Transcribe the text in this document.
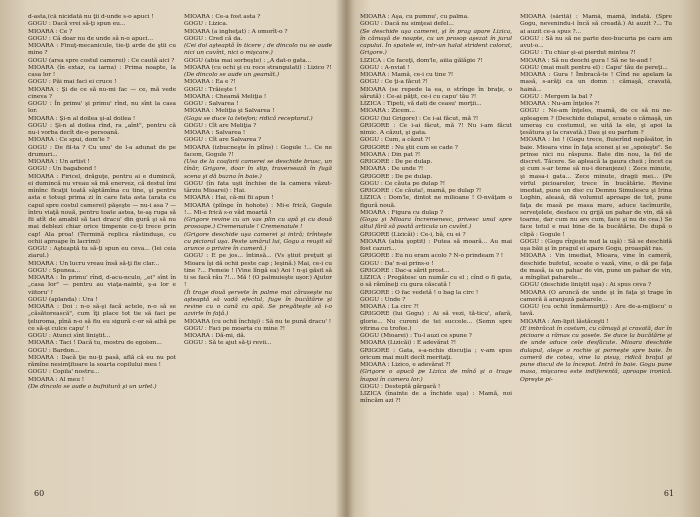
d-asta,(că nicidată nu ţii d-unde s-o apuci !

GOGU : Dacă vrei să-ţi spun eu...

MIOARA : Ce ?

GOGU : Că doar nu de unde să n-o apuci...

MIOARA : Finuţ-mecanicule, tie-ţi arde de ştii cu mine ?

GOGU (arsa spre costul camerei) : Ce caută aici ?

MIOARA (în extaz, ca iarna) : Prima noapte, la casa lor !

GOGU : Păi mai faci ei cruce !

MIOARA : Şi de ce să nu-mi fac — ce, mă vede cineva ?

GOGU : În primu' şi primu' rînd, nu sînt la casa lor.

MIOARA : Şi-n al doilea şi-al doilea !

GOGU : Şi-n al doilea rînd, ra „aînt", pentru că nu-i vorba decît de-o persoană.

MIOARA : Ce spui, dom'le ?

GOGU : De fil-ta ? Cu unu' de l-a adunat de pe drumuri...

MIOARA : Un artist !

GOGU : Un bagabond !

MIOARA : Firicel, drăguţe, pentru ai e dumincă, ei dumincă nu vreau să mă enervez, că destul îmi mînînc ficaţii toată săptămîna cu tine, şi pentru asta e totuşi prima zi în care fata asta (arata cu capul spre costul camerei) păşeşte — nu-i asa ? — întru viaţă nouă, pentru toate astea, te-aş ruga să fii atît de amabil să taci dracu' din gură şi să nu mai deblezi chiar orice timpenie ce-ţi trece prin cap! Ala proa! (Termină replica răstinduşe, cu ochii aproape în lacrimi)

GOGU : Aşteaptă tu să-ţi spun eu ceva... (Iei ceia ziarul.)

MIOARA : Un lucru vreau însă să-ţi fie clar...

GOGU : Spunea...

MIOARA : În primu' rînd, d-acu-nculo, „ei" sînt în „casa lor" — pentru au viaţa-naintè, ş-a lor e viitoru' !

GOGU (aplanda) : Ura !

MIOARA : Doi : n-o să-şi facă actele, n-o să se „căsătorească", cum îţi place tot tie să faci pe ţeluroma, pînă n-o să fiu eu sigură c-or să aibă pe ce să-şi culce capu' !

GOGU : Atunci sînt liniştit...

MIOARA : Taci ! Dacă tu, mostru de egoism...

GOGU : Bardon...

MIOARA : Dacă ţie nu-ţi pasă, află că eu nu pot rămîne nesimţitoare la soarta copilului meu !

GOGU : Copila' nostru...

MIOARA : Al meu !

(De dincolo se aude o bufnitură şi un urlet.)

MIOARA : Ce-a fost asta ?

GOGU : Lizica.

MIOARA (a ingheţat) : A omorît-o ?

GOGU : Cred că da.

(Cei doi aşteaptă în ticere ; de dincolo nu se aude nici un cuvînt, nici o mişcare.)

GOGU (abia mai sorbeşte) : „A dat-o gata...

MIOARA (cu ochi şi cu roce strangulati) : Lizico ?!

(De dincolo se aude un geamăt.)

MIOARA : Ea e ?!

GOGU : Trăieşte !

MIOARA : Cheamă Meliţia !

GOGU : Salvarea !

MIOARA : Meliţia şi Salvarea !

(Gogu se duce la telefon; ridică receptorul.)

GOGU : Cît are Meliţia ?

MIOARA : Salvarea !

GOGU : Cît are Salvarea ?

MIOARA (izbucneşte în plîns) : Gogule !... Ce ne facem, Gogule ?!

(Usa de la coafarii camerei se deschide brusc, un tînăr, Grigore, doar în slip, traversează în fugă scena şi dă buzna în baie.)

GOGU (în fata uşii închise de la camera văzut-târziu Mioarei) : Hai.

MIOARA : Hai, că-mi fii apun !

MIOARA (plînge în hohote) : Mi-e frică, Gogule !... Mi-e frică s-o văd moartă !

(Grigore revine cu un vas plin cu apă şi cu două prosoape.) Cremenaiule ! Cremenaiule !

(Grigore deschide uşa camerei şi intră; trînteşte cu piciorul uşa. Peste umărul lui, Gogu a reuşit să arunce o privire în cameră.)

GOGU : E pe jos... întinsă... (Vs ştiut preţuit şi Mioara îşi dă ochii peste cap ; leşină.) Mai, ce-i cu tine ?... Femeie ! (Vine lîngă ea) Aoi ! n-şi găsit să ti se facă rău ?!... Mă ! (O palmuieşte ușor.) Ajutor !

(Îi trage două şervete în palme mai căraseşte nu aşteaptă să vadă efectul, fuge în bucătărie şi revine cu o cană cu apă. Se pregăteşte să i-o azvirle în faţă.)

MIOARA (cu ochii închişi) : Să nu te pună dracu' !

GOGU : Faci pe moarta cu mine ?!

MIOARA : Dă-mi, dă.

GOGU : Să te ajut să-ţi revii...

60

MIOARA : Aşa, cu pumnu', cu palma.

GOGU : Dacă nu simţeai defel...

(Se deschide uşa camerei, şi în prag apare Lizica, în cămaşă de noapte, cu un prosop aşezat în jurul capului. În spatele ei, intr-un halat strident colorat, Grigore.)

LIZICA : Ce faceţi, dom'le, aiiia gălăgie ?!

GOGU : A-nviat !

MIOARA : Mamă, ce-i cu tine ?!

GOGU : Ce ţi-a făcut ?!

MIOARA (se repede la ea, o strînge în braţe, o sărută) : Ce-ai păţit, ce-i cu capu' tău ?!

LIZICA : Tipeti, vă dati de ceasu' morţii...

MIOARA : Zicem...

GOGU (lui Grigore) : Ce i-ai făcut, mă ?!

GRIGORE : Ce i-ai făcut, mă ?! Nu i-am făcut nimic. A căzut, şi gata.

GOGU : Cum, a căzut ?!

GRIGORE : Nu ştii cum se cade ?

MIOARA : Din pat ?!

GRIGORE : De pe dulap.

MIOARA : De unde ?!

GRIGORE : De pe dulap.

GOGU : Ce căuta pe dulap ?!

GRIGORE : Ce căuta!, mamă, pe dulap ?!

LIZICA : Dom'le, dintot ne milioane ! O-nvăţam o figură nouă.

MIOARA : Figura cu dulap ?

(Gogu şi Mioara încremenesc, privesc unul spre altul fără să poată articula un cuvînt.)

GRIGORE (Lizicăi) : Ce-i, bă, cu ei ?

MIOARA (abia şoptit) : Putea să moară... Au mai fost cazuri...

GRIGORE : Eu nu eram acolo ? N-o prindeam ? !

GOGU : Da' n-ai prins-o !

GRIGORE : Dac-a sărit prost...

LIZICA : Pregătesc un număr cu el ; cînd o fi gata, o să rămîneţi cu gura căscată !

GRIGORE : O fac vedetă ! o bag la circ !

GOGU : Unde ?

MIOARA : La circ ?!

GRIGORE (lui Gogu) : Ai să vezi, tă-ticu', afară, glorie... Nu cureni de tei succele... (Semn spre vitrina cu trofee.)

GOGU (Mioarei) : Tu-l auzi ce spune ?

MIOARA (Lizicăi) : E adevărat ?!

GRIGORE : Gata, s-a-nchis discuţia ; v-am spus oricum mai mult decît meritaţi.

MIOARA : Lizico, e adevărat ?!

(Grigore o apucă pe Lizica de mînă şi o trage înapoi în camera lor.)

GOGU : Desteptă gărgară !

LIZICA (înainte de a închide uşa) : Mamă, noi mîncăm azi ?!

MIOARA (sărită) : Mamă, mamă, îndată. (Spre Gogu, nevenindu-i încă să creadă.) Ai auzit ?... Tu ai auzit ce-a spus ?...

GOGU : Să nu să ne parte deo-bucuria pe care am avut-o...

GOGU : Tu chiar şi-ai pierdut mintea ?!

MIOARA : Să nu deochi gura ! Să ne te-aud !

GOGU (mai mult pentru el) : Capu' tău de pereţi...

MIOARA : Gura ! Îmbracă-te ! Cînd ne apelam la masă, s-arăţi ca un domn : cămaşă, cravată, haină...

GOGU : Mergem la bal ?

MIOARA : Nu-am înţeles ?!

GOGU : Ne-am înţeles, mamă, de ce să nu ne-apleagem ? (Deschide dulapul, scoate o cămaşă, un umeraş cu costumul, se uită la ele, şi apoi la ţesătura şi la cravată.) Dau şi eu parfum ?

MIOARA : Iei ! (Gogu trece, fluierînd nepăsător, în baie. Mioara vine în faţa scenei şi se „spoieşte". Se prinse nici nu răspuns. Bate din nou, la fel de discret. Tăcere. Se apleacă la gaura cheii ; încet ca şi cum s-ar teme să nu-i deranjeze) : Zece minute, şi masa-i gata... Zece minute, dragii mei... (Pe virful picioarelor, trece în bucătărie. Revine imediat, pune un disc cu Demnu Simulescu şi Irina Loghin, aleasă, dă volumul aproape de tot, pune faţa de masă pe masa mare, aduce tacîmurile, serveţelele, desface cu grijă un pahar de vin, dă să toarne, dar cum nu are cum, face şi nu de cea.) Se face totul e mai bine de la bucătărie. De după o clipă : Gogule !

GOGU : (Gogu rînjeşte nud la uşă) : Să se deschidă uşa băii şi în pragul ei apare Gogu, proaspăt ras.

MIOARA : Vin imediat, Mioara, vine în cameră, deschide bufetul, scoate o vază, vine, o dă pe faţa de masă, ia un pahar de vin, pune un pahar de vin, a mîngîiat paharele...

GOGU (deschide liniştit uşa) : Ai spus ceva ?

MIOARA (O aruncă de unde şi în faţa şi trage în cameră ă aranjeză paharele...

GOGU (cu ochii înmărmuriţi) : Are de-a-mijlocu' o tavă.

MIOARA : Am-lipit lăstăceşti !

(E imbrăcat în costum, cu cămaşă şi cravată, dar în picioare a rămas cu şosete. Se duce la bucătărie şi de unde aduce cele desfăcute. Mioara deschide dulapul, alege o rochie şi porneşte spre baie. În cameră de cotea, vine la pisuş, ridică braţul şi pune discul de la început. Intră în baie. Gogu pune masa, mişcarea este indiferentă, aproape ironică. Opreşte pi-

61
